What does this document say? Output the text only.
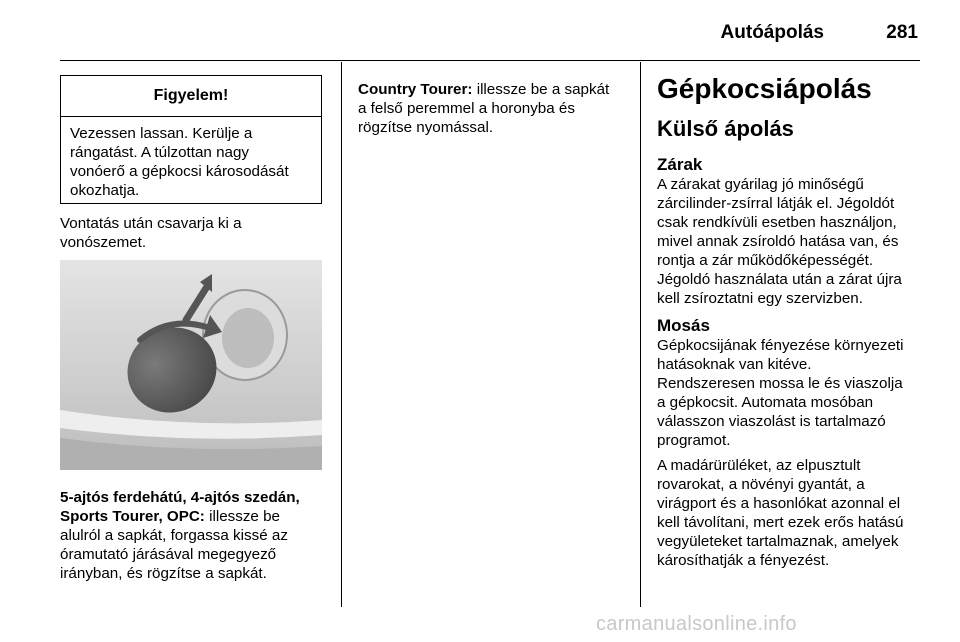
Autóápolás	281
Figyelem!
Vezessen lassan. Kerülje a
rángatást. A túlzottan nagy
vonóerő a gépkocsi károsodását
okozhatja.
Vontatás után csavarja ki a
vonószemet.
5-ajtós ferdehátú, 4-ajtós szedán,
Sports Tourer, OPC: illessze be
alulról a sapkát, forgassa kissé az
óramutató járásával megegyező
irányban, és rögzítse a sapkát.
Country Tourer: illessze be a sapkát
a felső peremmel a horonyba és
rögzítse nyomással.
Gépkocsiápolás
Külső ápolás
Zárak
A zárakat gyárilag jó minőségű
zárcilinder-zsírral látják el. Jégoldót
csak rendkívüli esetben használjon,
mivel annak zsíroldó hatása van, és
rontja a zár működőképességét.
Jégoldó használata után a zárat újra
kell zsíroztatni egy szervizben.
Mosás
Gépkocsijának fényezése környezeti
hatásoknak van kitéve.
Rendszeresen mossa le és viaszolja
a gépkocsit. Automata mosóban
válasszon viaszolást is tartalmazó
programot.
A madárürüléket, az elpusztult
rovarokat, a növényi gyantát, a
virágport és a hasonlókat azonnal el
kell távolítani, mert ezek erős hatású
vegyületeket tartalmaznak, amelyek
károsíthatják a fényezést.
carmanualsonline.info
